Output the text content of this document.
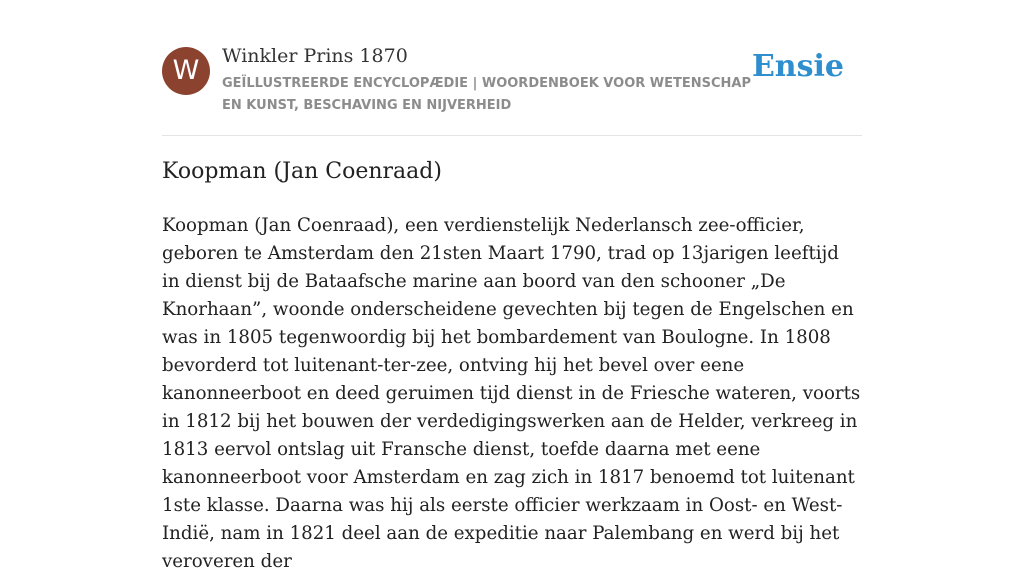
W	Winkler Prins 1870
GEÏLLUSTREERDE ENCYCLOPÆDIE | WOORDENBOEK VOOR WETENSCHAP EN KUNST, BESCHAVING EN NIJVERHEID
Ensie
Koopman (Jan Coenraad)

Koopman (Jan Coenraad), een verdienstelijk Nederlansch zee-officier, geboren te Amsterdam den 21sten Maart 1790, trad op 13jarigen leeftijd in dienst bij de Bataafsche marine aan boord van den schooner „De Knorhaan”, woonde onderscheidene gevechten bij tegen de Engelschen en was in 1805 tegenwoordig bij het bombardement van Boulogne. In 1808 bevorderd tot luitenant-ter-zee, ontving hij het bevel over eene kanonneerboot en deed geruimen tijd dienst in de Friesche wateren, voorts in 1812 bij het bouwen der verdedigingswerken aan de Helder, verkreeg in 1813 eervol ontslag uit Fransche dienst, toefde daarna met eene kanonneerboot voor Amsterdam en zag zich in 1817 benoemd tot luitenant 1ste klasse. Daarna was hij als eerste officier werkzaam in Oost- en West-Indië, nam in 1821 deel aan de expeditie naar Palembang en werd bij het veroveren der
